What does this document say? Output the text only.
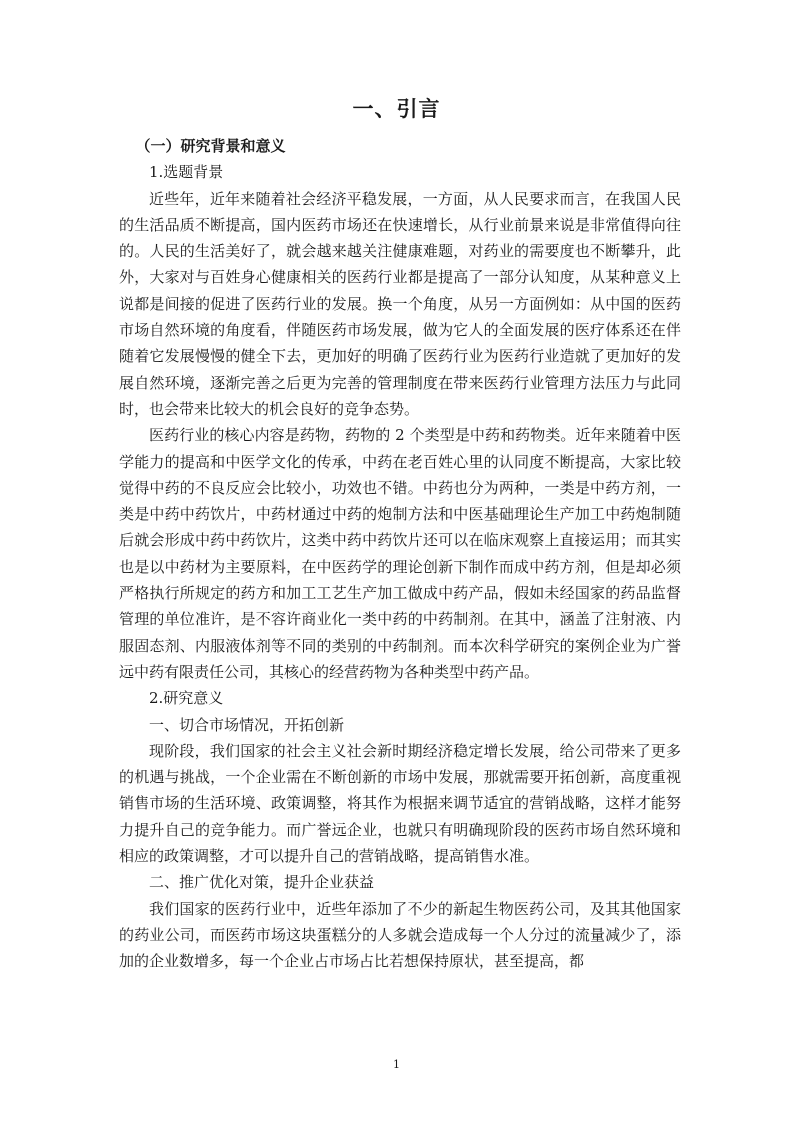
一、引言

（一）研究背景和意义

1.选题背景

近些年，近年来随着社会经济平稳发展，一方面，从人民要求而言，在我国人民的生活品质不断提高，国内医药市场还在快速增长，从行业前景来说是非常值得向往的。人民的生活美好了，就会越来越关注健康难题，对药业的需要度也不断攀升，此外，大家对与百姓身心健康相关的医药行业都是提高了一部分认知度，从某种意义上说都是间接的促进了医药行业的发展。换一个角度，从另一方面例如：从中国的医药市场自然环境的角度看，伴随医药市场发展，做为它人的全面发展的医疗体系还在伴随着它发展慢慢的健全下去，更加好的明确了医药行业为医药行业造就了更加好的发展自然环境，逐渐完善之后更为完善的管理制度在带来医药行业管理方法压力与此同时，也会带来比较大的机会良好的竞争态势。

医药行业的核心内容是药物，药物的 2 个类型是中药和药物类。近年来随着中医学能力的提高和中医学文化的传承，中药在老百姓心里的认同度不断提高，大家比较觉得中药的不良反应会比较小，功效也不错。中药也分为两种，一类是中药方剂，一类是中药中药饮片，中药材通过中药的炮制方法和中医基础理论生产加工中药炮制随后就会形成中药中药饮片，这类中药中药饮片还可以在临床观察上直接运用；而其实也是以中药材为主要原料，在中医药学的理论创新下制作而成中药方剂，但是却必须严格执行所规定的药方和加工工艺生产加工做成中药产品，假如未经国家的药品监督管理的单位准许，是不容许商业化一类中药的中药制剂。在其中，涵盖了注射液、内服固态剂、内服液体剂等不同的类别的中药制剂。而本次科学研究的案例企业为广誉远中药有限责任公司，其核心的经营药物为各种类型中药产品。

2.研究意义

一、切合市场情况，开拓创新

现阶段，我们国家的社会主义社会新时期经济稳定增长发展，给公司带来了更多的机遇与挑战，一个企业需在不断创新的市场中发展，那就需要开拓创新，高度重视销售市场的生活环境、政策调整，将其作为根据来调节适宜的营销战略，这样才能努力提升自己的竞争能力。而广誉远企业，也就只有明确现阶段的医药市场自然环境和相应的政策调整，才可以提升自己的营销战略，提高销售水准。

二、推广优化对策，提升企业获益

我们国家的医药行业中，近些年添加了不少的新起生物医药公司，及其其他国家的药业公司，而医药市场这块蛋糕分的人多就会造成每一个人分过的流量减少了，添加的企业数增多，每一个企业占市场占比若想保持原状，甚至提高，都

1
